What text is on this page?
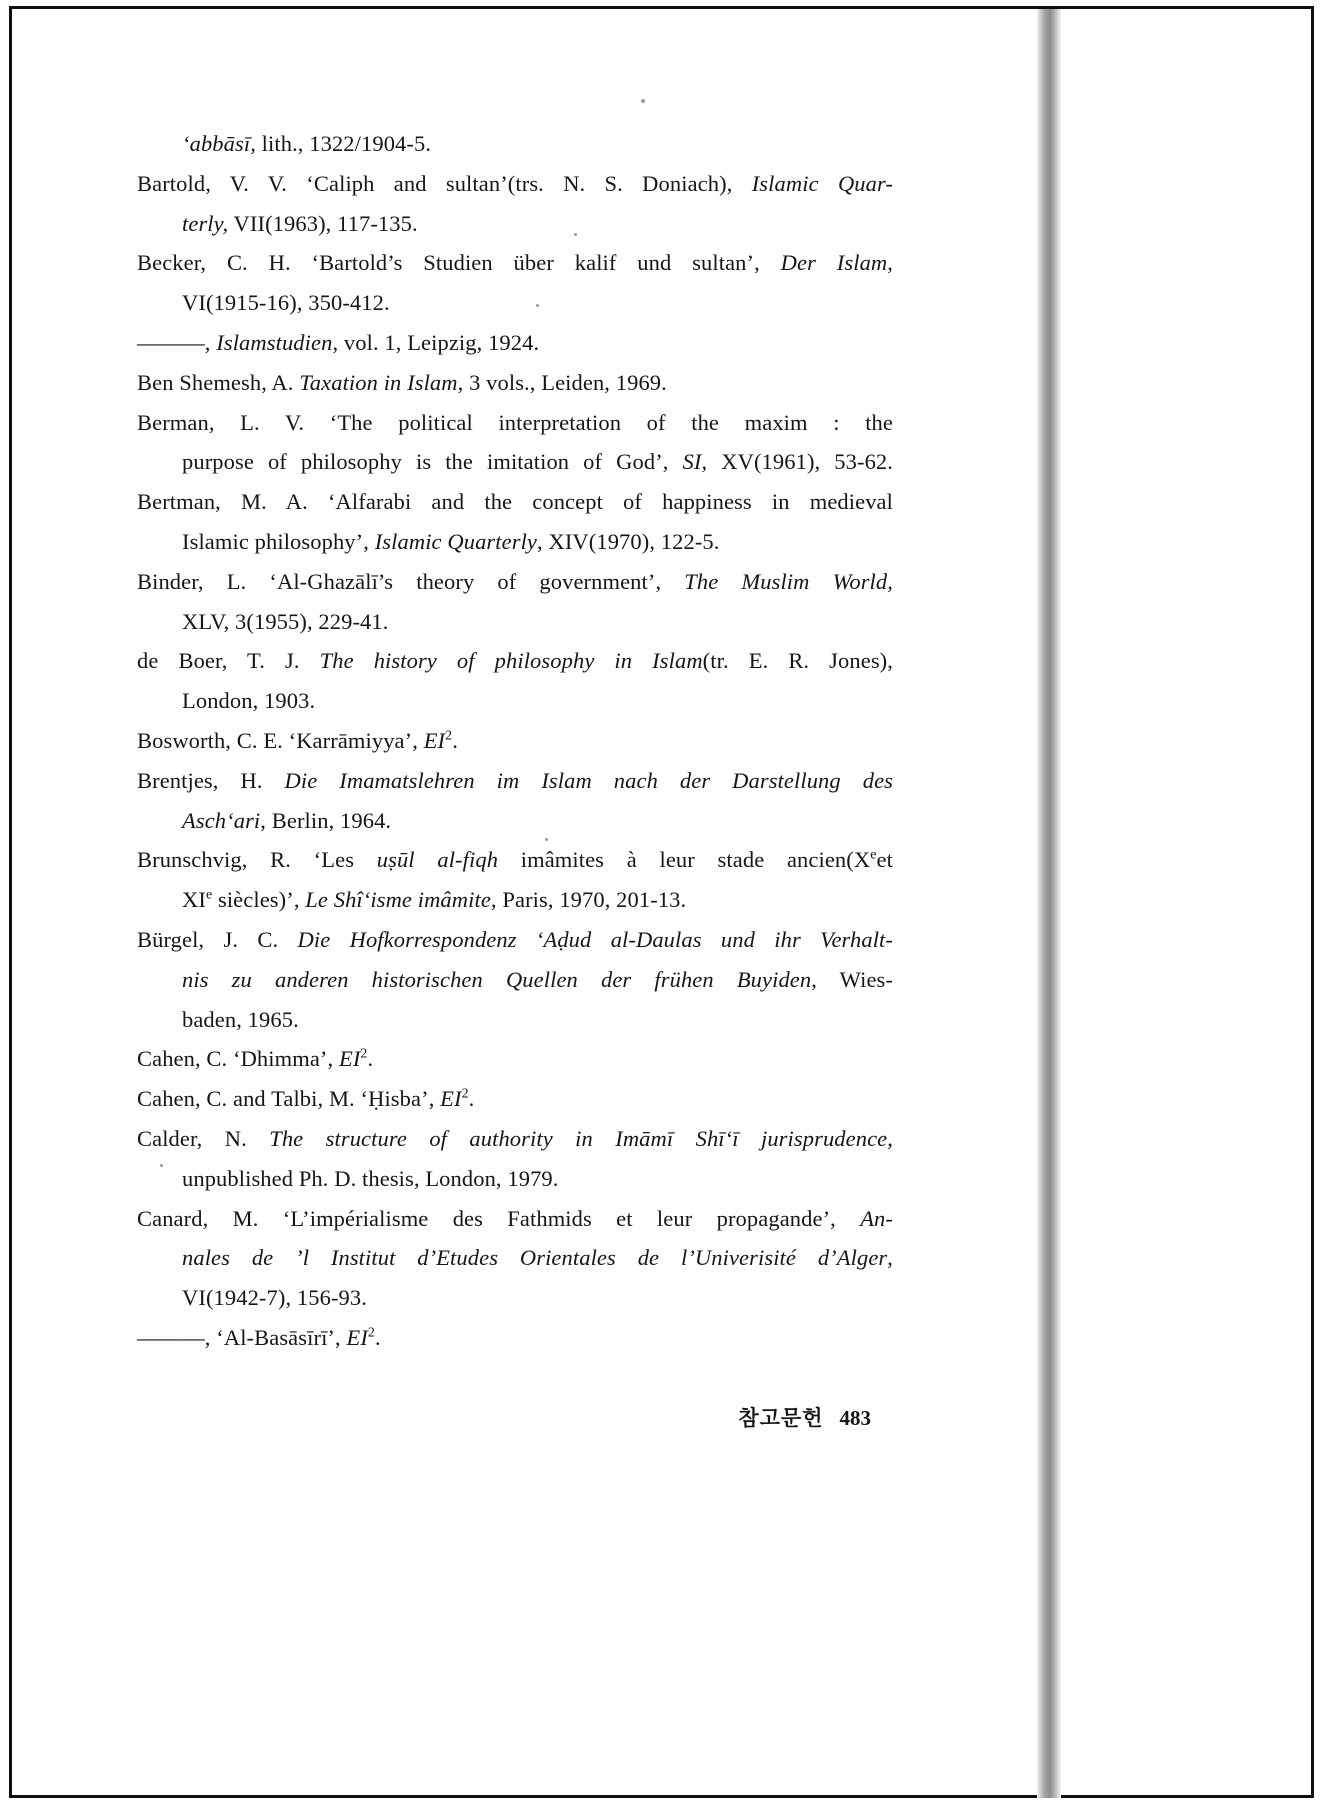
‘abbāsī, lith., 1322/1904-5.
Bartold, V. V. ‘Caliph and sultan’(trs. N. S. Doniach), Islamic Quar-
terly, VII(1963), 117-135.
Becker, C. H. ‘Bartold’s Studien über kalif und sultan’, Der Islam,
VI(1915-16), 350-412.
———, Islamstudien, vol. 1, Leipzig, 1924.
Ben Shemesh, A. Taxation in Islam, 3 vols., Leiden, 1969.
Berman, L. V. ‘The political interpretation of the maxim : the
purpose of philosophy is the imitation of God’, SI, XV(1961), 53-62.
Bertman, M. A. ‘Alfarabi and the concept of happiness in medieval
Islamic philosophy’, Islamic Quarterly, XIV(1970), 122-5.
Binder, L. ‘Al-Ghazālī’s theory of government’, The Muslim World,
XLV, 3(1955), 229-41.
de Boer, T. J. The history of philosophy in Islam(tr. E. R. Jones),
London, 1903.
Bosworth, C. E. ‘Karrāmiyya’, $EI^2$.
Brentjes, H. Die Imamatslehren im Islam nach der Darstellung des
Asch‘ari, Berlin, 1964.
Brunschvig, R. ‘Les uṣūl al-fiqh imâmites à leur stade ancien(Xeet
XIe siècles)’, Le Shî‘isme imâmite, Paris, 1970, 201-13.
Bürgel, J. C. Die Hofkorrespondenz ‘Aḍud al-Daulas und ihr Verhalt-
nis zu anderen historischen Quellen der frühen Buyiden, Wies-
baden, 1965.
Cahen, C. ‘Dhimma’, $EI^2$.
Cahen, C. and Talbi, M. ‘Ḥisba’, $EI^2$.
Calder, N. The structure of authority in Imāmī Shī‘ī jurisprudence,
unpublished Ph. D. thesis, London, 1979.
Canard, M. ‘L’impérialisme des Fathmids et leur propagande’, An-
nales de ’l Institut d’Etudes Orientales de l’Univerisité d’Alger,
VI(1942-7), 156-93.
———, ‘Al-Basāsīrī’, $EI^2$.
참고문헌 483
